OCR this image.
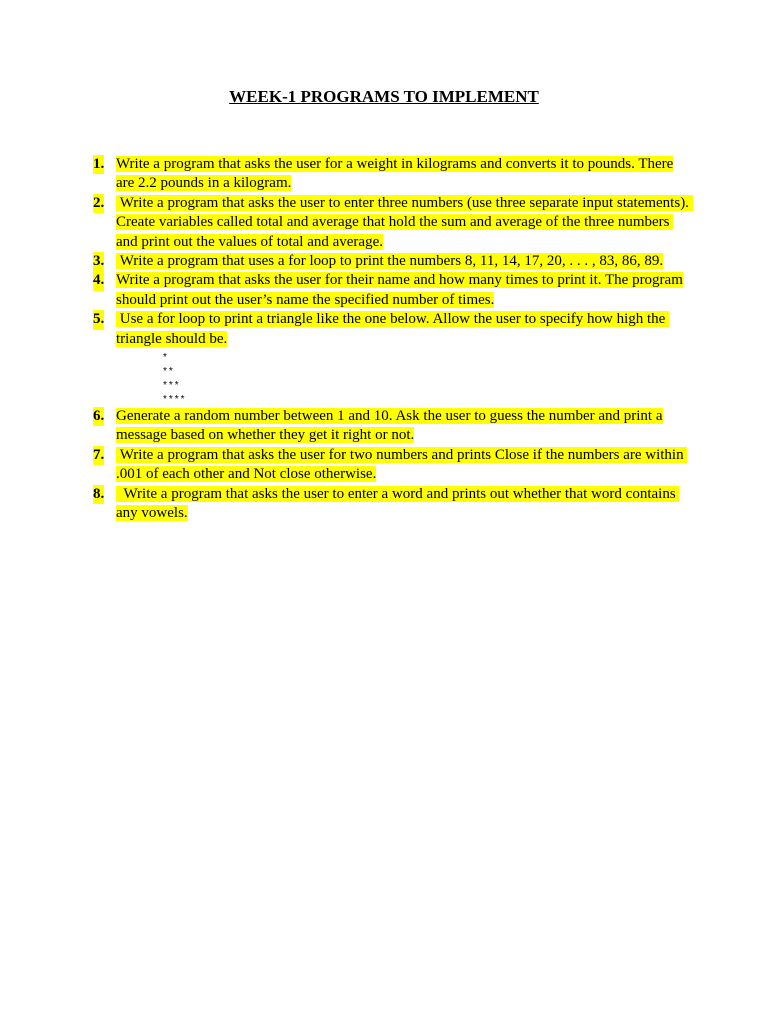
WEEK-1 PROGRAMS TO IMPLEMENT
1. Write a program that asks the user for a weight in kilograms and converts it to pounds. There are 2.2 pounds in a kilogram.
2. Write a program that asks the user to enter three numbers (use three separate input statements). Create variables called total and average that hold the sum and average of the three numbers and print out the values of total and average.
3. Write a program that uses a for loop to print the numbers 8, 11, 14, 17, 20, . . . , 83, 86, 89.
4. Write a program that asks the user for their name and how many times to print it. The program should print out the user’s name the specified number of times.
5. Use a for loop to print a triangle like the one below. Allow the user to specify how high the triangle should be.
*
**
***
****
6. Generate a random number between 1 and 10. Ask the user to guess the number and print a message based on whether they get it right or not.
7. Write a program that asks the user for two numbers and prints Close if the numbers are within .001 of each other and Not close otherwise.
8. Write a program that asks the user to enter a word and prints out whether that word contains any vowels.
